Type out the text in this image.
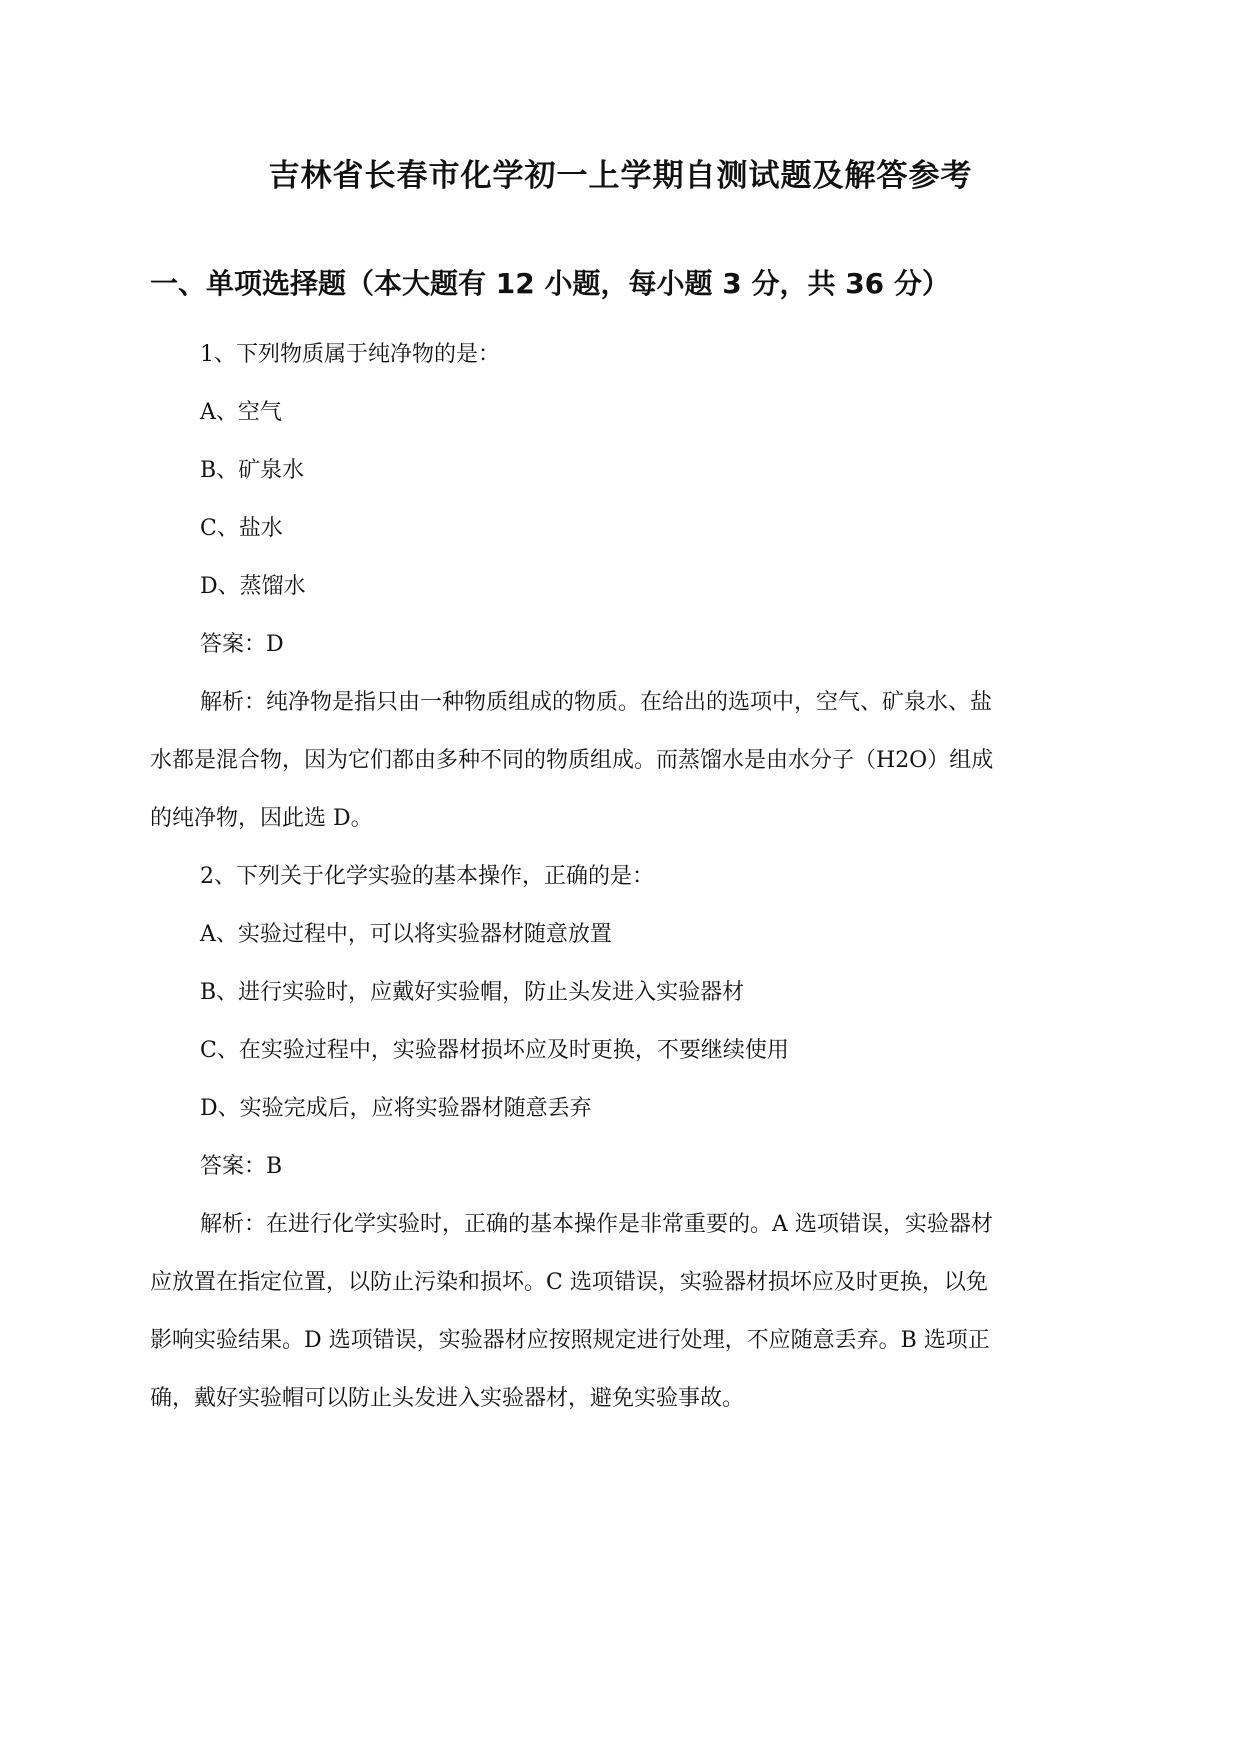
吉林省长春市化学初一上学期自测试题及解答参考
一、单项选择题（本大题有 12 小题，每小题 3 分，共 36 分）
1、下列物质属于纯净物的是：
A、空气
B、矿泉水
C、盐水
D、蒸馏水
答案：D
解析：纯净物是指只由一种物质组成的物质。在给出的选项中，空气、矿泉水、盐
水都是混合物，因为它们都由多种不同的物质组成。而蒸馏水是由水分子（H2O）组成
的纯净物，因此选 D。
2、下列关于化学实验的基本操作，正确的是：
A、实验过程中，可以将实验器材随意放置
B、进行实验时，应戴好实验帽，防止头发进入实验器材
C、在实验过程中，实验器材损坏应及时更换，不要继续使用
D、实验完成后，应将实验器材随意丢弃
答案：B
解析：在进行化学实验时，正确的基本操作是非常重要的。A 选项错误，实验器材
应放置在指定位置，以防止污染和损坏。C 选项错误，实验器材损坏应及时更换，以免
影响实验结果。D 选项错误，实验器材应按照规定进行处理，不应随意丢弃。B 选项正
确，戴好实验帽可以防止头发进入实验器材，避免实验事故。
